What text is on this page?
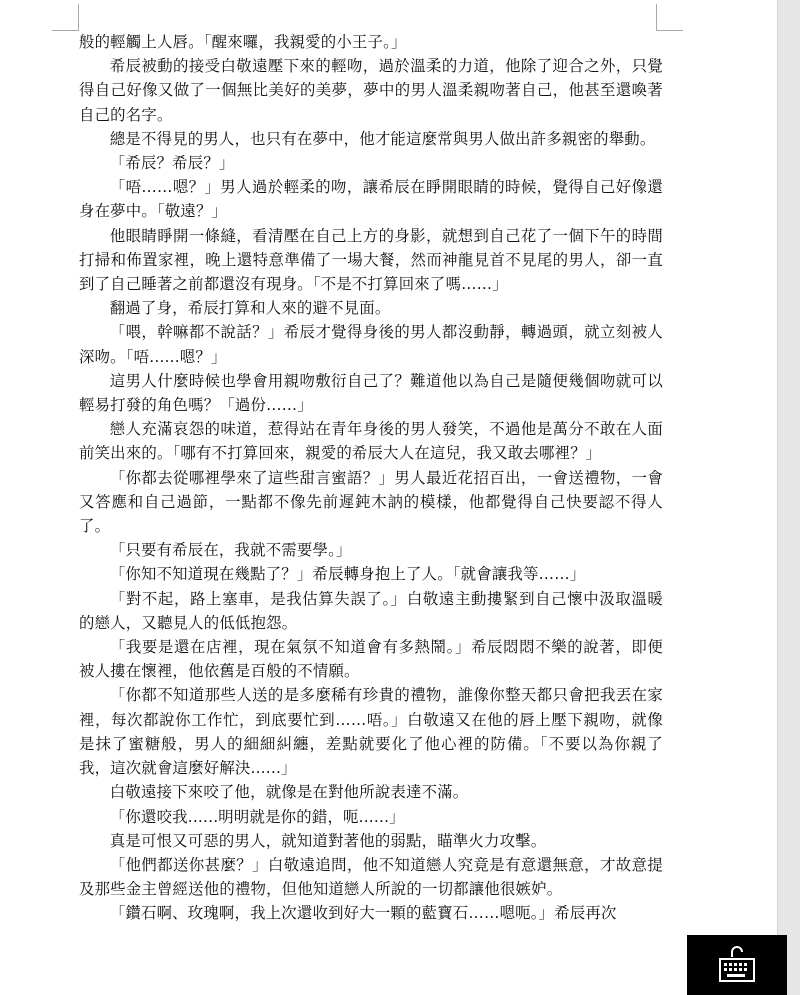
般的輕觸上人唇。「醒來囉，我親愛的小王子。」

希辰被動的接受白敬遠壓下來的輕吻，過於溫柔的力道，他除了迎合之外，只覺得自己好像又做了一個無比美好的美夢，夢中的男人溫柔親吻著自己，他甚至還喚著自己的名字。

總是不得見的男人，也只有在夢中，他才能這麼常與男人做出許多親密的舉動。

「希辰？希辰？」

「唔……嗯？」男人過於輕柔的吻，讓希辰在睜開眼睛的時候，覺得自己好像還身在夢中。「敬遠？」

他眼睛睜開一條縫，看清壓在自己上方的身影，就想到自己花了一個下午的時間打掃和佈置家裡，晚上還特意準備了一場大餐，然而神龍見首不見尾的男人，卻一直到了自己睡著之前都還沒有現身。「不是不打算回來了嗎……」

翻過了身，希辰打算和人來的避不見面。

「喂，幹嘛都不說話？」希辰才覺得身後的男人都沒動靜，轉過頭，就立刻被人深吻。「唔......嗯？」

這男人什麼時候也學會用親吻敷衍自己了？難道他以為自己是隨便幾個吻就可以輕易打發的角色嗎？「過份……」

戀人充滿哀怨的味道，惹得站在青年身後的男人發笑，不過他是萬分不敢在人面前笑出來的。「哪有不打算回來，親愛的希辰大人在這兒，我又敢去哪裡？」

「你都去從哪裡學來了這些甜言蜜語？」男人最近花招百出，一會送禮物，一會又答應和自己過節，一點都不像先前遲鈍木訥的模樣，他都覺得自己快要認不得人了。

「只要有希辰在，我就不需要學。」

「你知不知道現在幾點了？」希辰轉身抱上了人。「就會讓我等……」

「對不起，路上塞車，是我估算失誤了。」白敬遠主動摟緊到自己懷中汲取溫暖的戀人，又聽見人的低低抱怨。

「我要是還在店裡，現在氣氛不知道會有多熱鬧。」希辰悶悶不樂的說著，即便被人摟在懷裡，他依舊是百般的不情願。

「你都不知道那些人送的是多麼稀有珍貴的禮物，誰像你整天都只會把我丟在家裡，每次都說你工作忙，到底要忙到……唔。」白敬遠又在他的唇上壓下親吻，就像是抹了蜜糖般，男人的細細糾纏，差點就要化了他心裡的防備。「不要以為你親了我，這次就會這麼好解決......」

白敬遠接下來咬了他，就像是在對他所說表達不滿。

「你還咬我......明明就是你的錯，呃......」

真是可恨又可惡的男人，就知道對著他的弱點，瞄準火力攻擊。

「他們都送你甚麼？」白敬遠追問，他不知道戀人究竟是有意還無意，才故意提及那些金主曾經送他的禮物，但他知道戀人所說的一切都讓他很嫉妒。

「鑽石啊、玫瑰啊，我上次還收到好大一顆的藍寶石……嗯呃。」希辰再次
